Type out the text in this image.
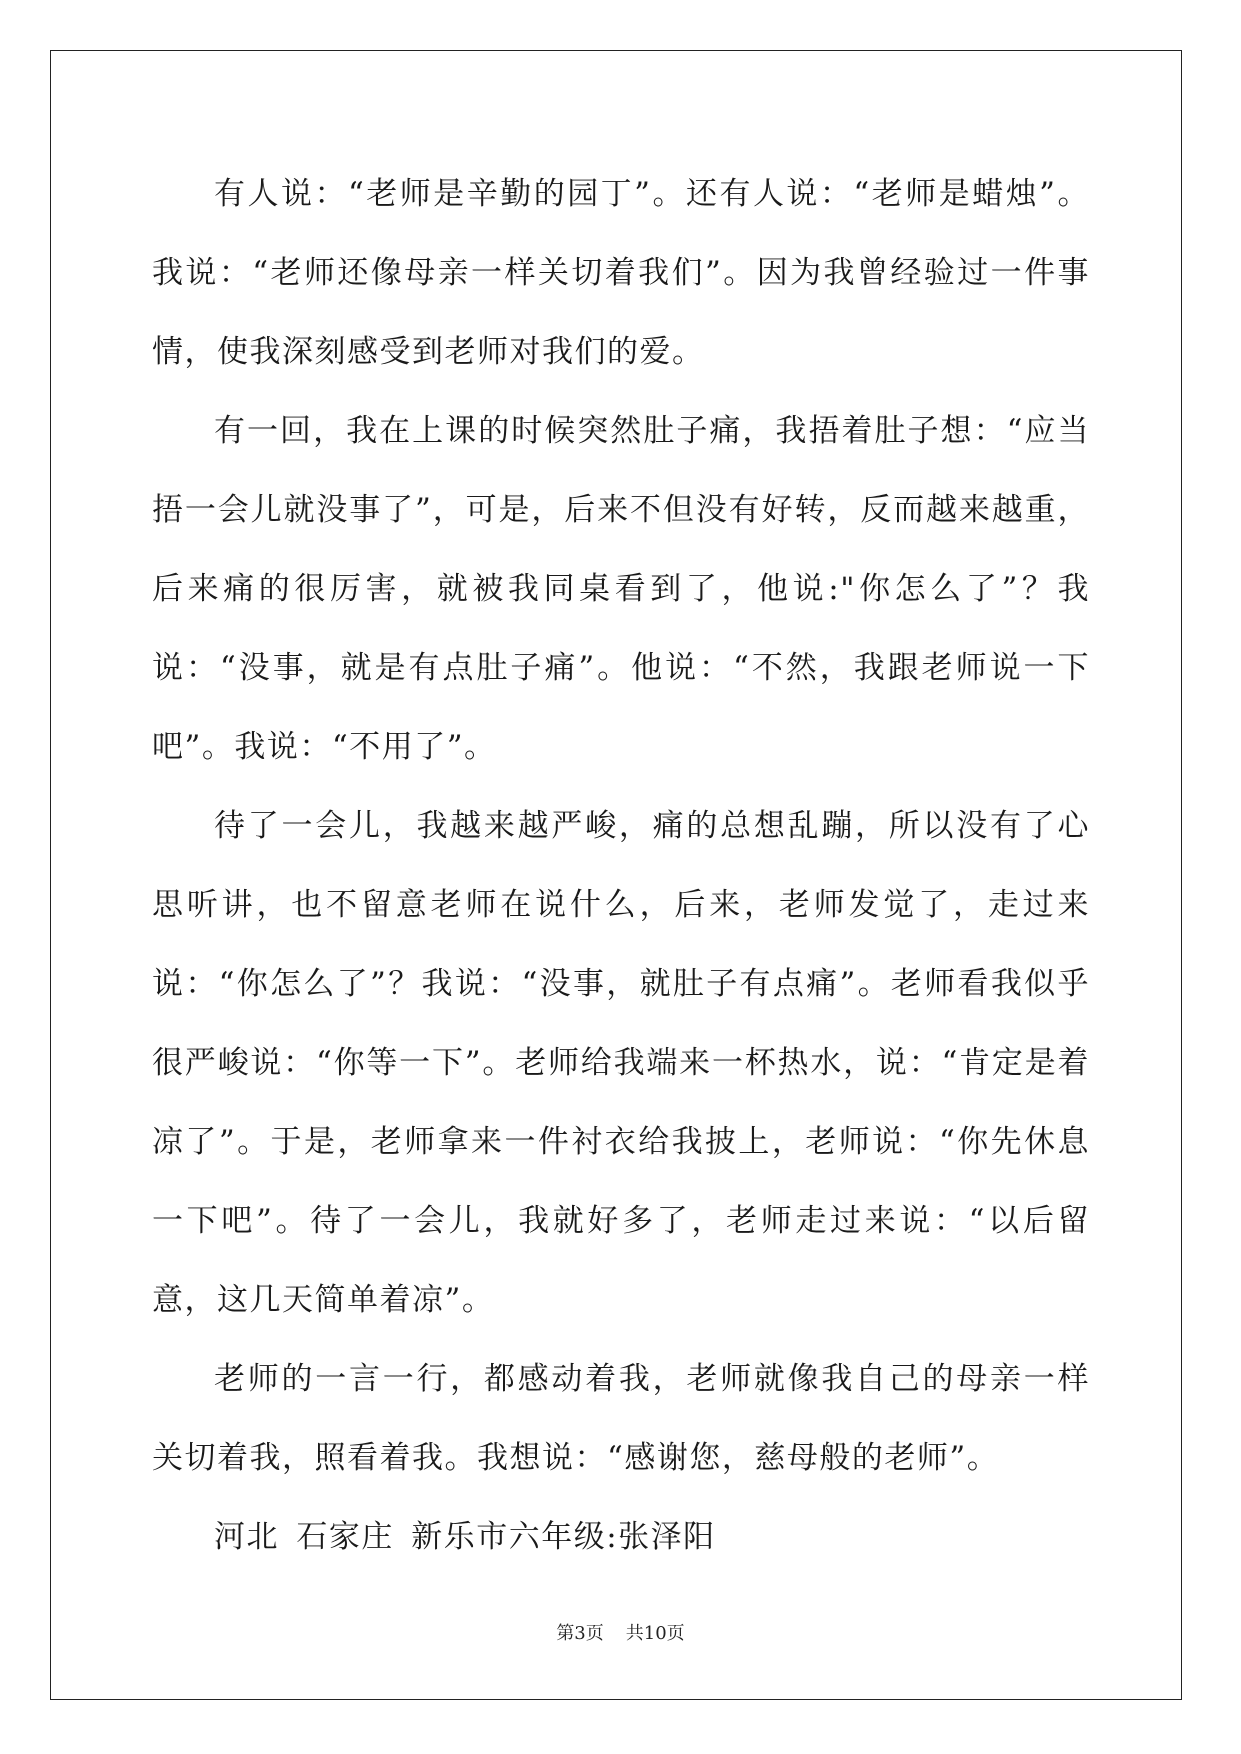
有人说：“老师是辛勤的园丁”。还有人说：“老师是蜡烛”。我说：“老师还像母亲一样关切着我们”。因为我曾经验过一件事情，使我深刻感受到老师对我们的爱。

有一回，我在上课的时候突然肚子痛，我捂着肚子想：“应当捂一会儿就没事了”，可是，后来不但没有好转，反而越来越重，后来痛的很厉害，就被我同桌看到了，他说:"你怎么了”？我说：“没事，就是有点肚子痛”。他说：“不然，我跟老师说一下吧”。我说：“不用了”。

待了一会儿，我越来越严峻，痛的总想乱蹦，所以没有了心思听讲，也不留意老师在说什么，后来，老师发觉了，走过来说：“你怎么了”？我说：“没事，就肚子有点痛”。老师看我似乎很严峻说：“你等一下”。老师给我端来一杯热水，说：“肯定是着凉了”。于是，老师拿来一件衬衣给我披上，老师说：“你先休息一下吧”。待了一会儿，我就好多了，老师走过来说：“以后留意，这几天简单着凉”。

老师的一言一行，都感动着我，老师就像我自己的母亲一样关切着我，照看着我。我想说：“感谢您，慈母般的老师”。

河北 石家庄 新乐市六年级:张泽阳

第3页 共10页
